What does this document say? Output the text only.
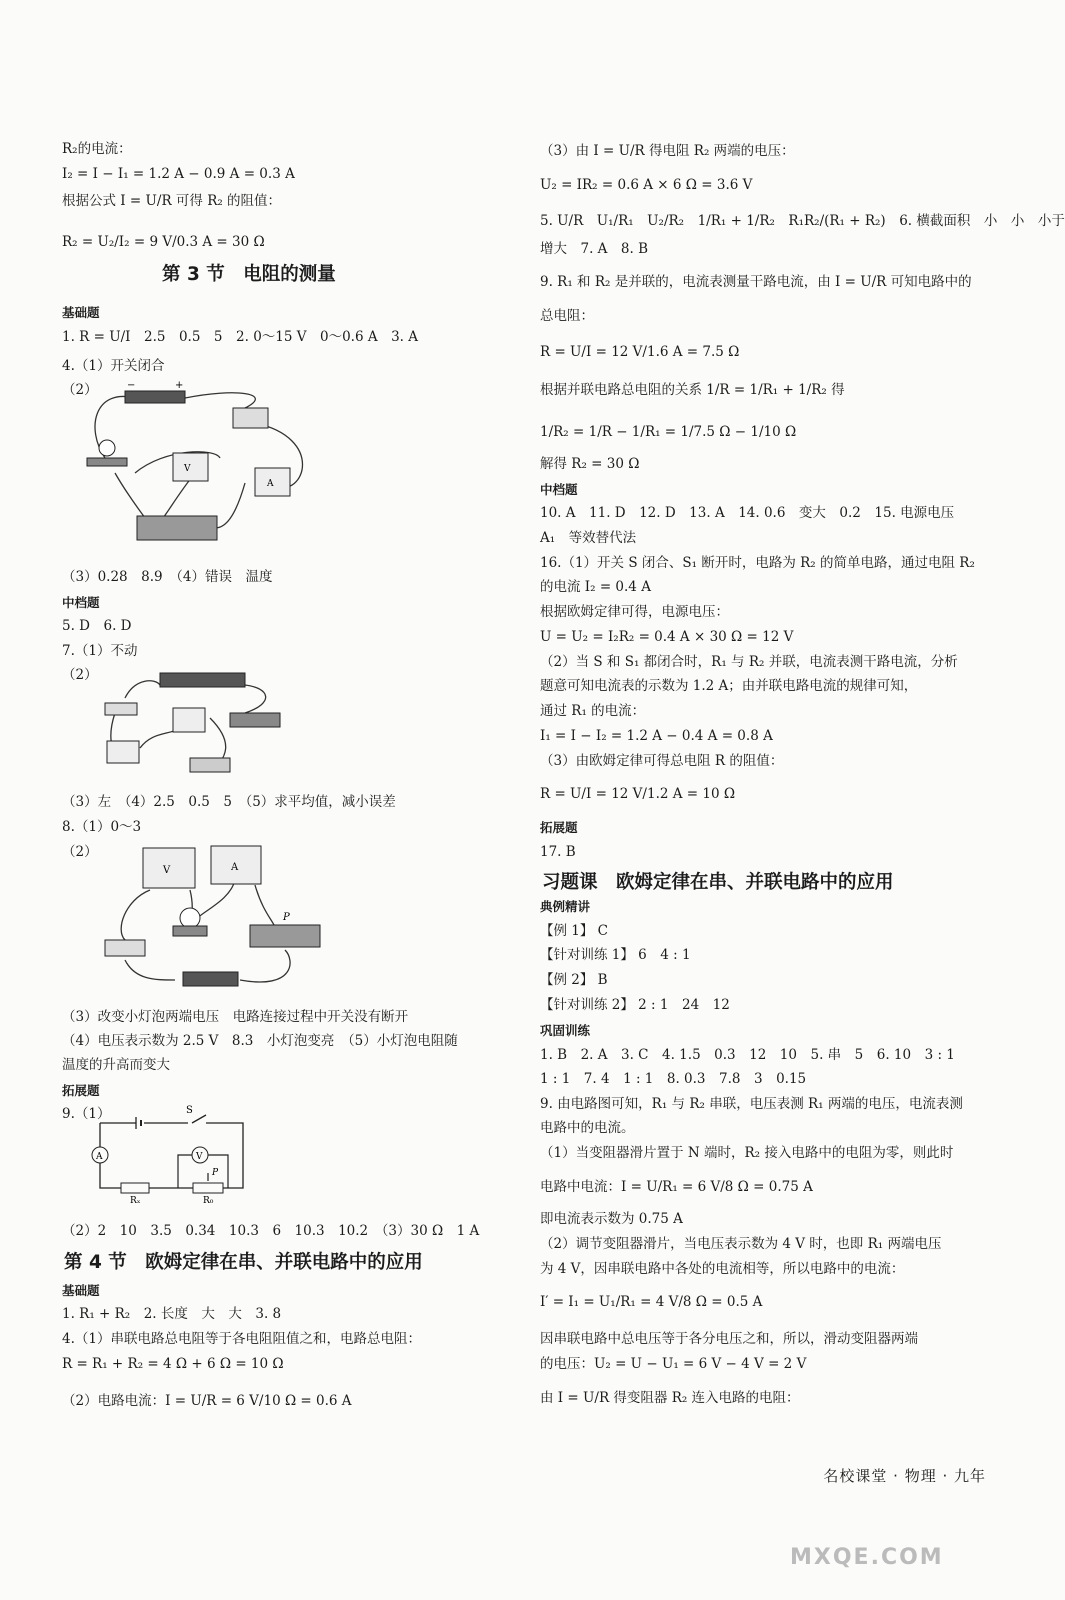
R₂的电流：
I₂ = I − I₁ = 1.2 A − 0.9 A = 0.3 A
根据公式 I = U/R 可得 R₂ 的阻值：
R₂ = U₂/I₂ = 9 V/0.3 A = 30 Ω
1. R = U/I　2.5　0.5　5　2. 0～15 V　0～0.6 A　3. A
4.（1）开关闭合
（2）
（3）0.28　8.9　（4）错误　温度
5. D　6. D
7.（1）不动
（2）
（3）左　（4）2.5　0.5　5　（5）求平均值，减小误差
8.（1）0～3
（2）
（3）改变小灯泡两端电压　电路连接过程中开关没有断开
（4）电压表示数为 2.5 V　8.3　小灯泡变亮　（5）小灯泡电阻随
温度的升高而变大
9.（1）
（2）2　10　3.5　0.34　10.3　6　10.3　10.2　（3）30 Ω　1 A
1. R₁ + R₂　2. 长度　大　大　3. 8
4.（1）串联电路总电阻等于各电阻阻值之和，电路总电阻：
R = R₁ + R₂ = 4 Ω + 6 Ω = 10 Ω
（2）电路电流：I = U/R = 6 V/10 Ω = 0.6 A
第 3 节　电阻的测量
第 4 节　欧姆定律在串、并联电路中的应用
基础题
中档题
拓展题
基础题
（3）由 I = U/R 得电阻 R₂ 两端的电压：
U₂ = IR₂ = 0.6 A × 6 Ω = 3.6 V
5. U/R　U₁/R₁　U₂/R₂　1/R₁ + 1/R₂　R₁R₂/(R₁ + R₂)　6. 横截面积　小　小　小于
增大　7. A　8. B
9. R₁ 和 R₂ 是并联的，电流表测量干路电流，由 I = U/R 可知电路中的
总电阻：
R = U/I = 12 V/1.6 A = 7.5 Ω
根据并联电路总电阻的关系 1/R = 1/R₁ + 1/R₂ 得
1/R₂ = 1/R − 1/R₁ = 1/7.5 Ω − 1/10 Ω
解得 R₂ = 30 Ω
10. A　11. D　12. D　13. A　14. 0.6　变大　0.2　15. 电源电压
A₁　等效替代法
16.（1）开关 S 闭合、S₁ 断开时，电路为 R₂ 的简单电路，通过电阻 R₂
的电流 I₂ = 0.4 A
根据欧姆定律可得，电源电压：
U = U₂ = I₂R₂ = 0.4 A × 30 Ω = 12 V
（2）当 S 和 S₁ 都闭合时，R₁ 与 R₂ 并联，电流表测干路电流，分析
题意可知电流表的示数为 1.2 A；由并联电路电流的规律可知，
通过 R₁ 的电流：
I₁ = I − I₂ = 1.2 A − 0.4 A = 0.8 A
（3）由欧姆定律可得总电阻 R 的阻值：
R = U/I = 12 V/1.2 A = 10 Ω
17. B
【例 1】 C
【针对训练 1】 6　4 : 1
【例 2】 B
【针对训练 2】 2 : 1　24　12
1. B　2. A　3. C　4. 1.5　0.3　12　10　5. 串　5　6. 10　3 : 1
1 : 1　7. 4　1 : 1　8. 0.3　7.8　3　0.15
9. 由电路图可知，R₁ 与 R₂ 串联，电压表测 R₁ 两端的电压，电流表测
电路中的电流。
（1）当变阻器滑片置于 N 端时，R₂ 接入电路中的电阻为零，则此时
电路中电流：I = U/R₁ = 6 V/8 Ω = 0.75 A
即电流表示数为 0.75 A
（2）调节变阻器滑片，当电压表示数为 4 V 时，也即 R₁ 两端电压
为 4 V，因串联电路中各处的电流相等，所以电路中的电流：
I′ = I₁ = U₁/R₁ = 4 V/8 Ω = 0.5 A
因串联电路中总电压等于各分电压之和，所以，滑动变阻器两端
的电压：U₂ = U − U₁ = 6 V − 4 V = 2 V
由 I = U/R 得变阻器 R₂ 连入电路的电阻：
习题课　欧姆定律在串、并联电路中的应用
中档题
拓展题
典例精讲
巩固训练
−	+
V
A
V	A
P
S
A	V
Rₓ
P
R₀
名校课堂 · 物理 · 九年
MXQE.COM
